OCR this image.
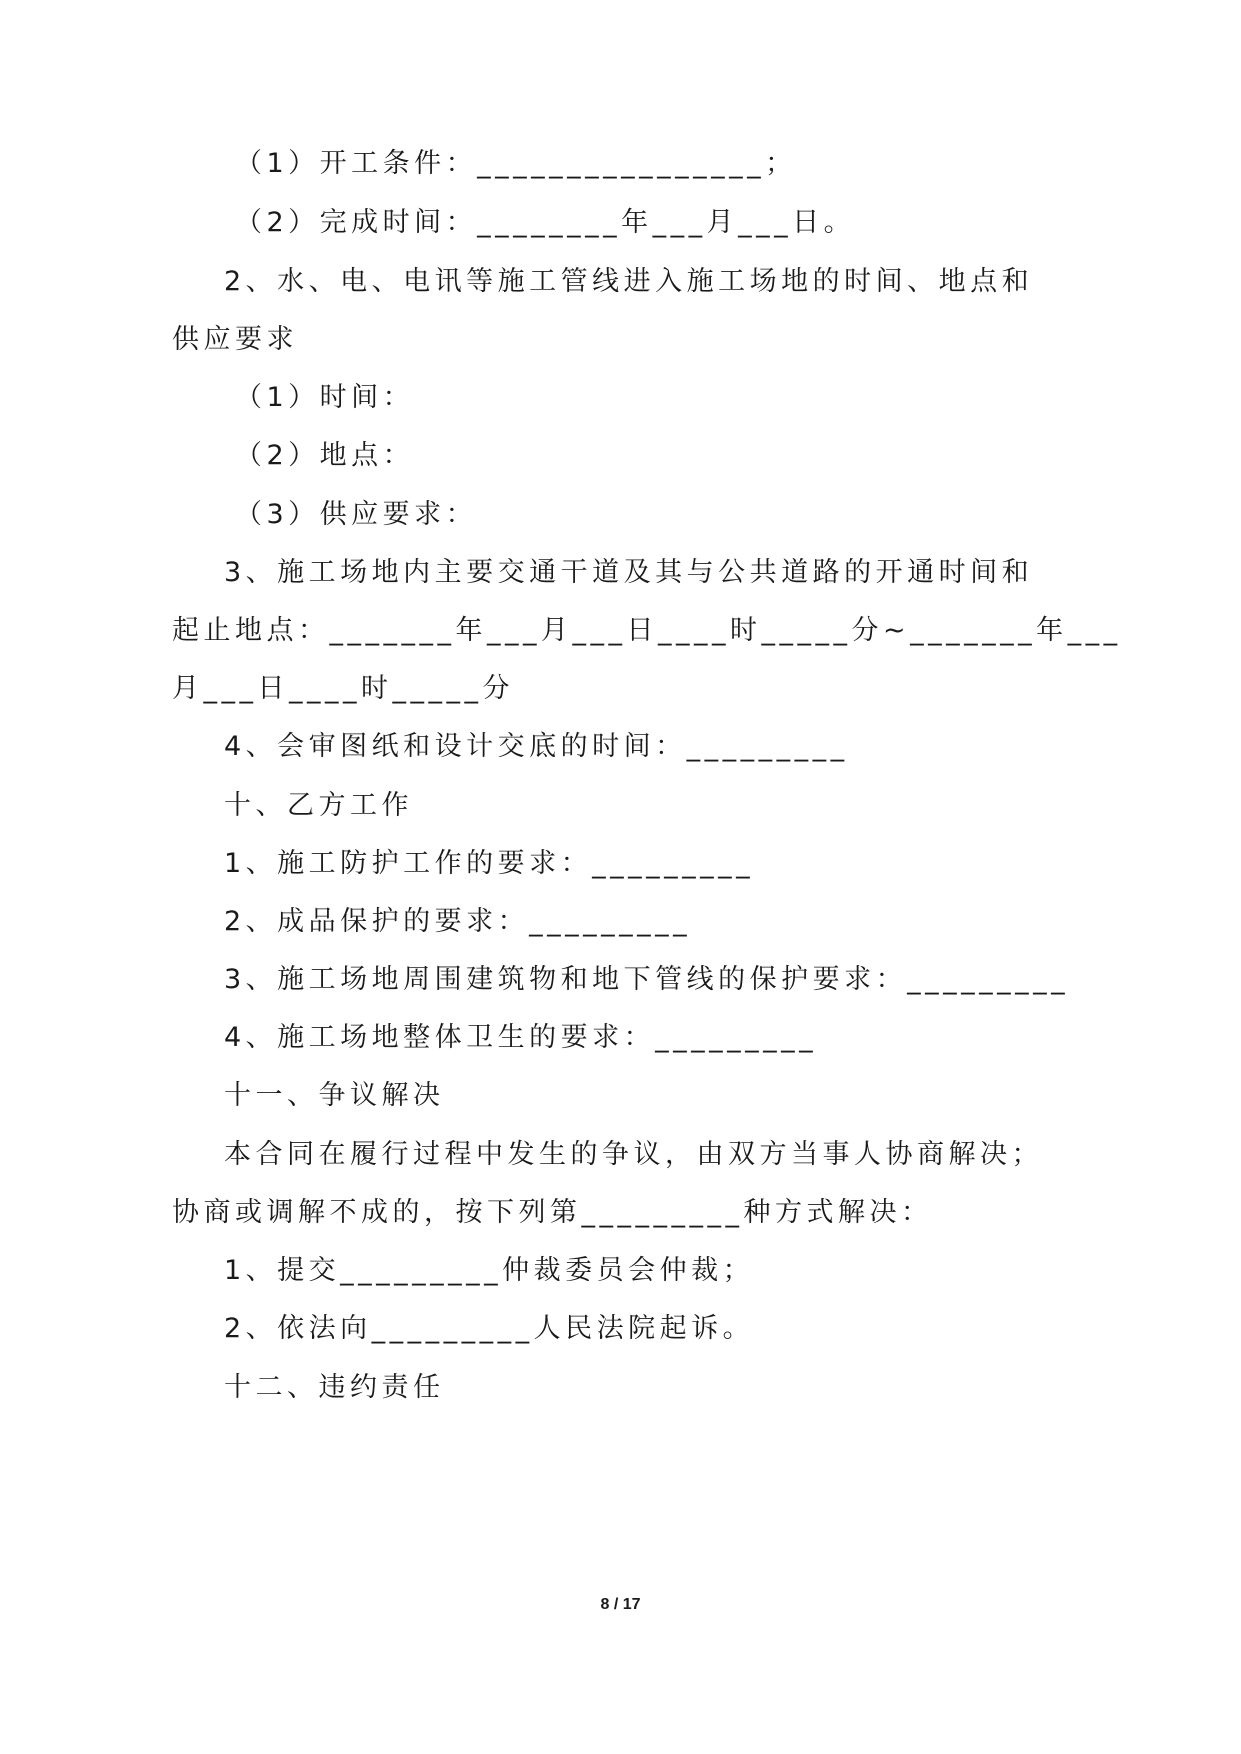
（1）开工条件：________________；
（2）完成时间：________年___月___日。
2、水、电、电讯等施工管线进入施工场地的时间、地点和
供应要求
（1）时间：
（2）地点：
（3）供应要求：
3、施工场地内主要交通干道及其与公共道路的开通时间和
起止地点：_______年___月___日____时_____分~_______年___
月___日____时_____分
4、会审图纸和设计交底的时间：_________
十、乙方工作
1、施工防护工作的要求：_________
2、成品保护的要求：_________
3、施工场地周围建筑物和地下管线的保护要求：_________
4、施工场地整体卫生的要求：_________
十一、争议解决
本合同在履行过程中发生的争议，由双方当事人协商解决；
协商或调解不成的，按下列第_________种方式解决：
1、提交_________仲裁委员会仲裁；
2、依法向_________人民法院起诉。
十二、违约责任
8 / 17
